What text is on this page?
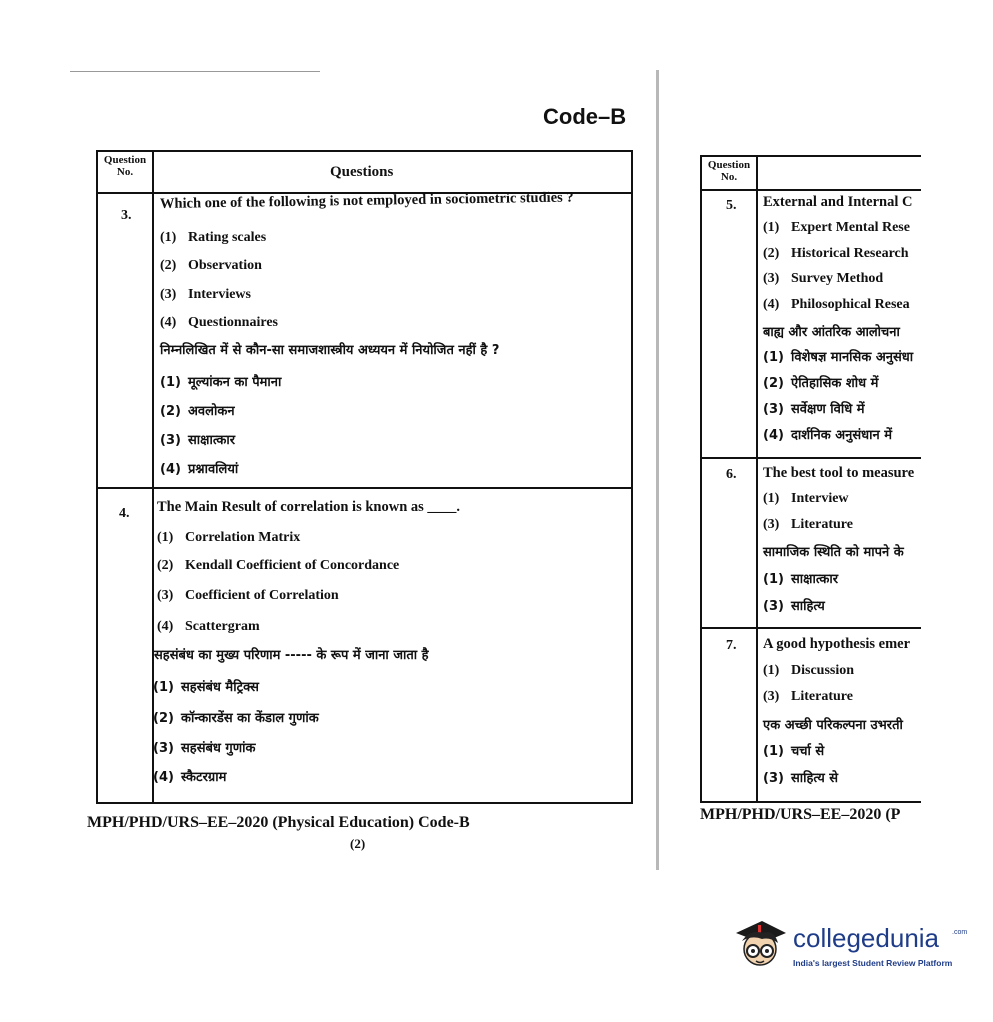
Code–B
Question
No.	Questions
3.
Which one of the following is not employed in sociometric studies ?
(1) Rating scales
(2) Observation
(3) Interviews
(4) Questionnaires
निम्नलिखित में से कौन-सा समाजशास्त्रीय अध्ययन में नियोजित नहीं है ?
(1) मूल्यांकन का पैमाना
(2) अवलोकन
(3) साक्षात्कार
(4) प्रश्नावलियां
4. The Main Result of correlation is known as ____.
(1) Correlation Matrix
(2) Kendall Coefficient of Concordance
(3) Coefficient of Correlation
(4) Scattergram
सहसंबंध का मुख्य परिणाम ----- के रूप में जाना जाता है
(1) सहसंबंध मैट्रिक्स
(2) कॉन्कारडेंस का केंडाल गुणांक
(3) सहसंबंध गुणांक
(4) स्कैटरग्राम
MPH/PHD/URS–EE–2020 (Physical Education) Code-B
(2)
Question
No.
5. External and Internal C
(1) Expert Mental Rese
(2) Historical Research
(3) Survey Method
(4) Philosophical Resea
बाह्य और आंतरिक आलोचना
(1) विशेषज्ञ मानसिक अनुसंधा
(2) ऐतिहासिक शोध में
(3) सर्वेक्षण विधि में
(4) दार्शनिक अनुसंधान में
6. The best tool to measure
(1) Interview
(3) Literature
सामाजिक स्थिति को मापने के
(1) साक्षात्कार
(3) साहित्य
7. A good hypothesis emer
(1) Discussion
(3) Literature
एक अच्छी परिकल्पना उभरती
(1) चर्चा से
(3) साहित्य से
MPH/PHD/URS–EE–2020 (P
collegedunia .com
India's largest Student Review Platform
